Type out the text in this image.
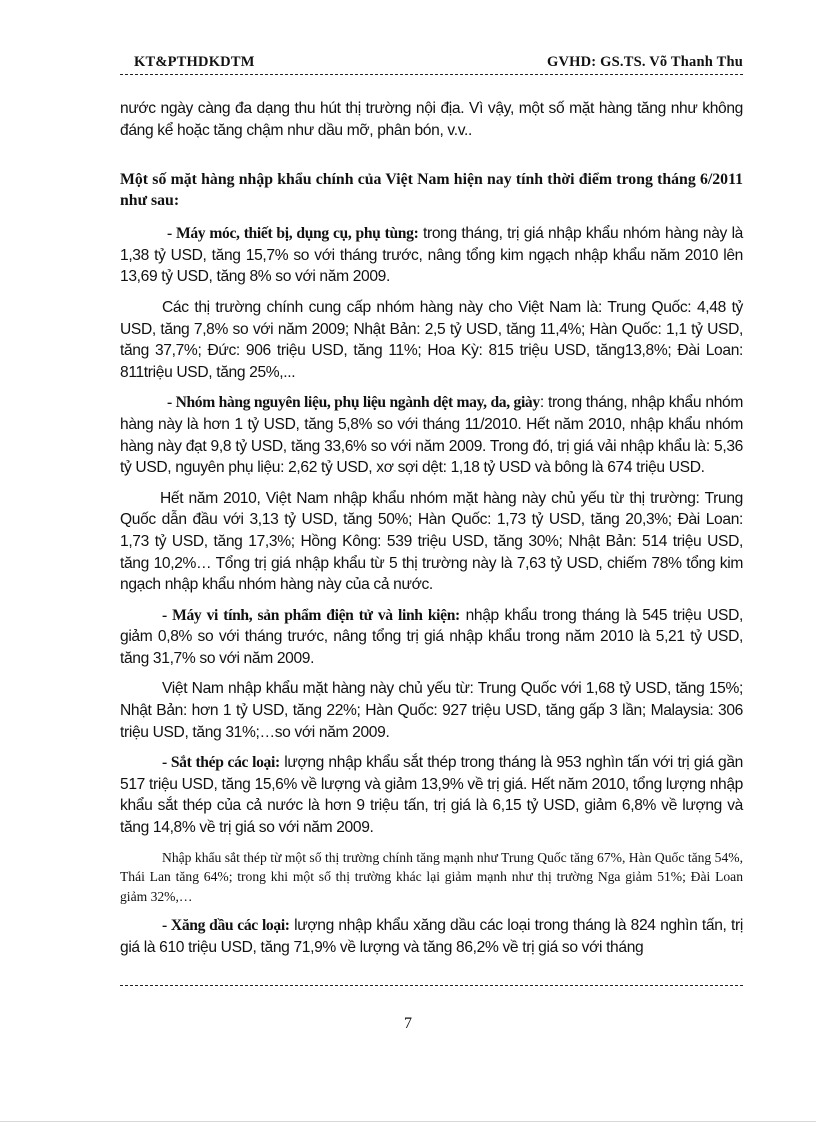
KT&PTHDKDTM	GVHD: GS.TS. Võ Thanh Thu

nước ngày càng đa dạng thu hút thị trường nội địa. Vì vậy, một số mặt hàng tăng như không đáng kể hoặc tăng chậm như dầu mỡ, phân bón, v.v..

Một số mặt hàng nhập khẩu chính của Việt Nam hiện nay tính thời điểm trong tháng 6/2011 như sau:

- Máy móc, thiết bị, dụng cụ, phụ tùng: trong tháng, trị giá nhập khẩu nhóm hàng này là 1,38 tỷ USD, tăng 15,7% so với tháng trước, nâng tổng kim ngạch nhập khẩu năm 2010 lên 13,69 tỷ USD, tăng 8% so với năm 2009.

Các thị trường chính cung cấp nhóm hàng này cho Việt Nam là: Trung Quốc: 4,48 tỷ USD, tăng 7,8% so với năm 2009; Nhật Bản: 2,5 tỷ USD, tăng 11,4%; Hàn Quốc: 1,1 tỷ USD, tăng 37,7%; Đức: 906 triệu USD, tăng 11%; Hoa Kỳ: 815 triệu USD, tăng13,8%; Đài Loan: 811triệu USD, tăng 25%,...

- Nhóm hàng nguyên liệu, phụ liệu ngành dệt may, da, giày: trong tháng, nhập khẩu nhóm hàng này là hơn 1 tỷ USD, tăng 5,8% so với tháng 11/2010. Hết năm 2010, nhập khẩu nhóm hàng này đạt 9,8 tỷ USD, tăng 33,6% so với năm 2009. Trong đó, trị giá vải nhập khẩu là: 5,36 tỷ USD, nguyên phụ liệu: 2,62 tỷ USD, xơ sợi dệt: 1,18 tỷ USD và bông là 674 triệu USD.

Hết năm 2010, Việt Nam nhập khẩu nhóm mặt hàng này chủ yếu từ thị trường: Trung Quốc dẫn đầu với 3,13 tỷ USD, tăng 50%; Hàn Quốc: 1,73 tỷ USD, tăng 20,3%; Đài Loan: 1,73 tỷ USD, tăng 17,3%; Hồng Kông: 539 triệu USD, tăng 30%; Nhật Bản: 514 triệu USD, tăng 10,2%… Tổng trị giá nhập khẩu từ 5 thị trường này là 7,63 tỷ USD, chiếm 78% tổng kim ngạch nhập khẩu nhóm hàng này của cả nước.

- Máy vi tính, sản phẩm điện tử và linh kiện: nhập khẩu trong tháng là 545 triệu USD, giảm 0,8% so với tháng trước, nâng tổng trị giá nhập khẩu trong năm 2010 là 5,21 tỷ USD, tăng 31,7% so với năm 2009.

Việt Nam nhập khẩu mặt hàng này chủ yếu từ: Trung Quốc với 1,68 tỷ USD, tăng 15%; Nhật Bản: hơn 1 tỷ USD, tăng 22%; Hàn Quốc: 927 triệu USD, tăng gấp 3 lần; Malaysia: 306 triệu USD, tăng 31%;…so với năm 2009.

- Sắt thép các loại: lượng nhập khẩu sắt thép trong tháng là 953 nghìn tấn với trị giá gần 517 triệu USD, tăng 15,6% về lượng và giảm 13,9% về trị giá. Hết năm 2010, tổng lượng nhập khẩu sắt thép của cả nước là hơn 9 triệu tấn, trị giá là 6,15 tỷ USD, giảm 6,8% về lượng và tăng 14,8% về trị giá so với năm 2009.

Nhập khẩu sắt thép từ một số thị trường chính tăng mạnh như Trung Quốc tăng 67%, Hàn Quốc tăng 54%, Thái Lan tăng 64%; trong khi một số thị trường khác lại giảm mạnh như thị trường Nga giảm 51%; Đài Loan giảm 32%,…

- Xăng dầu các loại: lượng nhập khẩu xăng dầu các loại trong tháng là 824 nghìn tấn, trị giá là 610 triệu USD, tăng 71,9% về lượng và tăng 86,2% về trị giá so với tháng

7
